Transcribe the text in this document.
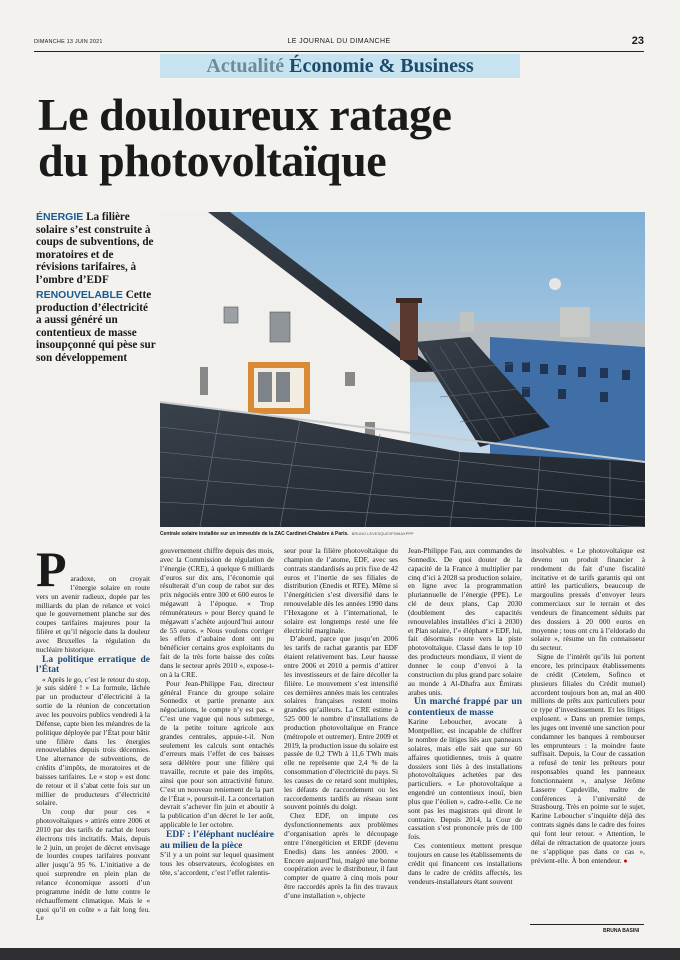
DIMANCHE 13 JUIN 2021	LE JOURNAL DU DIMANCHE	23
Actualité Économie & Business
Le douloureux ratage
du photovoltaïque
ÉNERGIE La filière solaire s’est construite à coups de subventions, de moratoires et de révisions tarifaires, à l’ombre d’EDF
RENOUVELABLE Cette production d’électricité a aussi généré un contentieux de masse insoupçonné qui pèse sur son développement
Centrale solaire installée sur un immeuble de la ZAC Cardinet-Chalabre à Paris. BRUNO LEVESQUE/IP3/MAXPPP
P aradoxe, on croyait l’énergie solaire en route vers un avenir radieux, dopée par les milliards du plan de relance et voici que le gouvernement planche sur des coupes tarifaires majeures pour la filière et qu’il négocie dans la douleur avec Bruxelles la régulation du nucléaire historique.

La politique erratique de l’État

« Après le go, c’est le retour du stop, je suis sidéré ! » La formule, lâchée par un producteur d’électricité à la sortie de la réunion de concertation avec les pouvoirs publics vendredi à la Défense, capte bien les méandres de la politique déployée par l’État pour bâtir une filière dans les énergies renouvelables depuis trois décennies. Une alternance de subventions, de crédits d’impôts, de moratoires et de baisses tarifaires. Le « stop » est donc de retour et il s’abat cette fois sur un millier de producteurs d’électricité solaire.

Un coup dur pour ces « photovoltaïques » attirés entre 2006 et 2010 par des tarifs de rachat de leurs électrons très incitatifs. Mais, depuis le 2 juin, un projet de décret envisage de lourdes coupes tarifaires pouvant aller jusqu’à 95 %. L’initiative a de quoi surprendre en plein plan de relance économique assorti d’un programme inédit de lutte contre le réchauffement climatique. Mais le « quoi qu’il en coûte » a fait long feu. Le

gouvernement chiffre depuis des mois, avec la Commission de régulation de l’énergie (CRE), à quelque 6 milliards d’euros sur dix ans, l’économie qui résulterait d’un coup de rabot sur des prix négociés entre 300 et 600 euros le mégawatt à l’époque. « Trop rémunérateurs » pour Bercy quand le mégawatt s’achète aujourd’hui autour de 55 euros. « Nous voulons corriger les effets d’aubaine dont ont pu bénéficier certains gros exploitants du fait de la très forte baisse des coûts dans le secteur après 2010 », expose-t-on à la CRE.

Pour Jean-Philippe Fau, directeur général France du groupe solaire Sonnedix et partie prenante aux négociations, le compte n’y est pas. « C’est une vague qui nous submerge, de la petite toiture agricole aux grandes centrales, appuie-t-il. Non seulement les calculs sont entachés d’erreurs mais l’effet de ces baisses sera délétère pour une filière qui travaille, recrute et paie des impôts, ainsi que pour son attractivité future. C’est un nouveau reniement de la part de l’État », poursuit-il. La concertation devrait s’achever fin juin et aboutir à la publication d’un décret le 1er août, applicable le 1er octobre.

EDF : l’éléphant nucléaire au milieu de la pièce

S’il y a un point sur lequel quasiment tous les observateurs, écologistes en tête, s’accordent, c’est l’effet ralentis-

seur pour la filière photovoltaïque du champion de l’atome, EDF, avec ses contrats standardisés au prix fixe de 42 euros et l’inertie de ses filiales de distribution (Enedis et RTE). Même si l’énergéticien s’est diversifié dans le renouvelable dès les années 1990 dans l’Hexagone et à l’international, le solaire est longtemps resté une fée électricité marginale.

D’abord, parce que jusqu’en 2006 les tarifs de rachat garantis par EDF étaient relativement bas. Leur hausse entre 2006 et 2010 a permis d’attirer les investisseurs et de faire décoller la filière. Le mouvement s’est intensifié ces dernières années mais les centrales solaires françaises restent moins grandes qu’ailleurs. La CRE estime à 525 000 le nombre d’installations de production photovoltaïque en France (métropole et outremer). Entre 2009 et 2019, la production issue du solaire est passée de 0,2 TWh à 11,6 TWh mais elle ne représente que 2,4 % de la consommation d’électricité du pays. Si les causes de ce retard sont multiples, les défauts de raccordement ou les raccordements tardifs au réseau sont souvent pointés du doigt.

Chez EDF, on impute ces dysfonctionnements aux problèmes d’organisation après le découpage entre l’énergéticien et ERDF (devenu Enedis) dans les années 2000. « Encore aujourd’hui, malgré une bonne coopération avec le distributeur, il faut compter de quatre à cinq mois pour être raccordés après la fin des travaux d’une installation », objecte

Jean-Philippe Fau, aux commandes de Sonnedix. De quoi douter de la capacité de la France à multiplier par cinq d’ici à 2028 sa production solaire, en ligne avec la programmation pluriannuelle de l’énergie (PPE). Le clé de deux plans, Cap 2030 (doublement des capacités renouvelables installées d’ici à 2030) et Plan solaire, l’« éléphant » EDF, lui, fait désormais route vers la piste photovoltaïque. Classé dans le top 10 des producteurs mondiaux, il vient de donner le coup d’envoi à la construction du plus grand parc solaire au monde à Al-Dhafra aux Émirats arabes unis.

Un marché frappé par un contentieux de masse

Karine Leboucher, avocate à Montpellier, est incapable de chiffrer le nombre de litiges liés aux panneaux solaires, mais elle sait que sur 60 affaires quotidiennes, trois à quatre dossiers sont liés à des installations photovoltaïques achetées par des particuliers. « Le photovoltaïque a engendré un contentieux inouï, bien plus que l’éolien », cadre-t-elle. Ce ne sont pas les magistrats qui diront le contraire. Depuis 2014, la Cour de cassation s’est prononcée près de 100 fois.

Ces contentieux mettent presque toujours en cause les établissements de crédit qui financent ces installations dans le cadre de crédits affectés, les vendeurs-installateurs étant souvent

insolvables. « Le photovoltaïque est devenu un produit financier à rendement du fait d’une fiscalité incitative et de tarifs garantis qui ont attiré les particuliers, beaucoup de margoulins pressés d’envoyer leurs commerciaux sur le terrain et des vendeurs de financement séduits par des dossiers à 20 000 euros en moyenne ; tous ont cru à l’eldorado du solaire », résume un fin connaisseur du secteur.

Signe de l’intérêt qu’ils lui portent encore, les principaux établissements de crédit (Cetelem, Sofinco et plusieurs filiales du Crédit mutuel) accordent toujours bon an, mal an 400 millions de prêts aux particuliers pour ce type d’investissement. Et les litiges explosent. « Dans un premier temps, les juges ont inventé une sanction pour condamner les banques à rembourser les emprunteurs : la moindre faute suffisait. Depuis, la Cour de cassation a refusé de tenir les prêteurs pour responsables quand les panneaux fonctionnaient », analyse Jérôme Lasserre Capdeville, maître de conférences à l’université de Strasbourg. Très en pointe sur le sujet, Karine Leboucher s’inquiète déjà des contrats signés dans le cadre des foires qui font leur retour. « Attention, le délai de rétractation de quatorze jours ne s’applique pas dans ce cas », prévient-elle. À bon entendeur. ●

BRUNA BASINI
